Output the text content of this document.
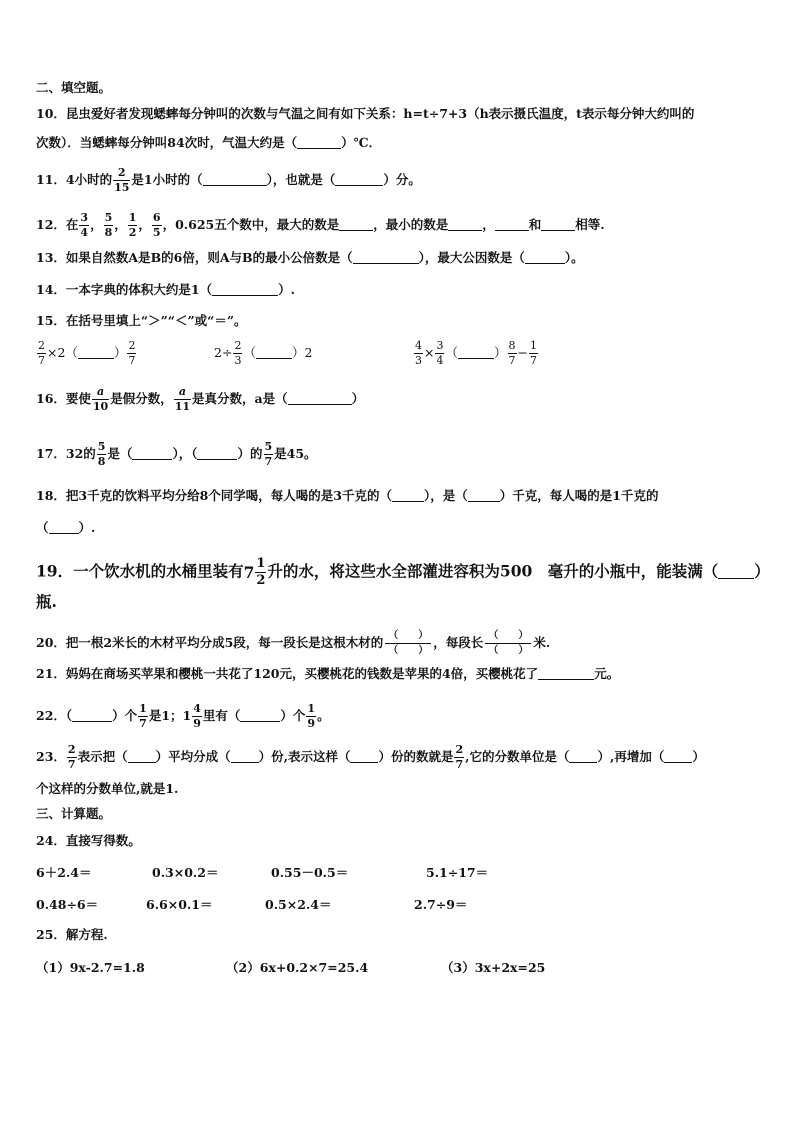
二、填空题。
10．昆虫爱好者发现蟋蟀每分钟叫的次数与气温之间有如下关系：h=t÷7+3（h表示摄氏温度，t表示每分钟大约叫的
次数）．当蟋蟀每分钟叫84次时，气温大约是（	）℃．
11．4小时的 $\frac{2}{15}$ 是1小时的（	），也就是（	）分。
12．在 $\frac{3}{4}$ ， $\frac{5}{8}$ ， $\frac{1}{2}$ ， $\frac{6}{5}$ ，0.625五个数中，最大的数是	，最小的数是	，	和	相等.
13．如果自然数A是B的6倍，则A与B的最小公倍数是（	），最大公因数是（	）。
14．一本字典的体积大约是1（	）.
15．在括号里填上“＞”“＜”或“＝”。
$\frac{2}{7} \times 2$（	） $\frac{2}{7}$	$2\div \frac{2}{3}$ （	）2	$\frac{4}{3} \times \frac{3}{4}$ （	） $\frac{8}{7} - \frac{1}{7}$
16．要使 $\frac{a}{10}$ 是假分数， $\frac{a}{11}$ 是真分数，a是（	）
17．32的 $\frac{5}{8}$ 是（	），（	）的 $\frac{5}{7}$ 是45。
18．把3千克的饮料平均分给8个同学喝，每人喝的是3千克的（	），是（	）千克，每人喝的是1千克的
（ ）.
19．一个饮水机的水桶里装有 $7 \frac{1}{2}$ 升的水，将这些水全部灌进容积为500　毫升的小瓶中，能装满（ ）
瓶.
20．把一根2米长的木材平均分成5段，每一段长是这根木材的 （   ）
（   ）
，每段长 （   ）
（   ）
米.
21．妈妈在商场买苹果和樱桃一共花了120元，买樱桃花的钱数是苹果的4倍，买樱桃花了	元。
22．（	）个 $\frac{1}{7}$ 是1；$1 \frac{4}{9}$ 里有（	）个 $\frac{1}{9}$ 。
23． $\frac{2}{7}$ 表示把（ ）平均分成（ ）份,表示这样（ ）份的数就是 $\frac{2}{7}$ ,它的分数单位是（ ）,再增加（ ）
个这样的分数单位,就是1.
三、计算题。
24．直接写得数。
6＋2.4＝	0.3×0.2＝	0.55－0.5＝	5.1÷17＝
0.48÷6＝	6.6×0.1＝	0.5×2.4＝	2.7÷9＝
25．解方程.
（1）9x-2.7=1.8	（2）6x+0.2×7=25.4	（3）3x+2x=25
